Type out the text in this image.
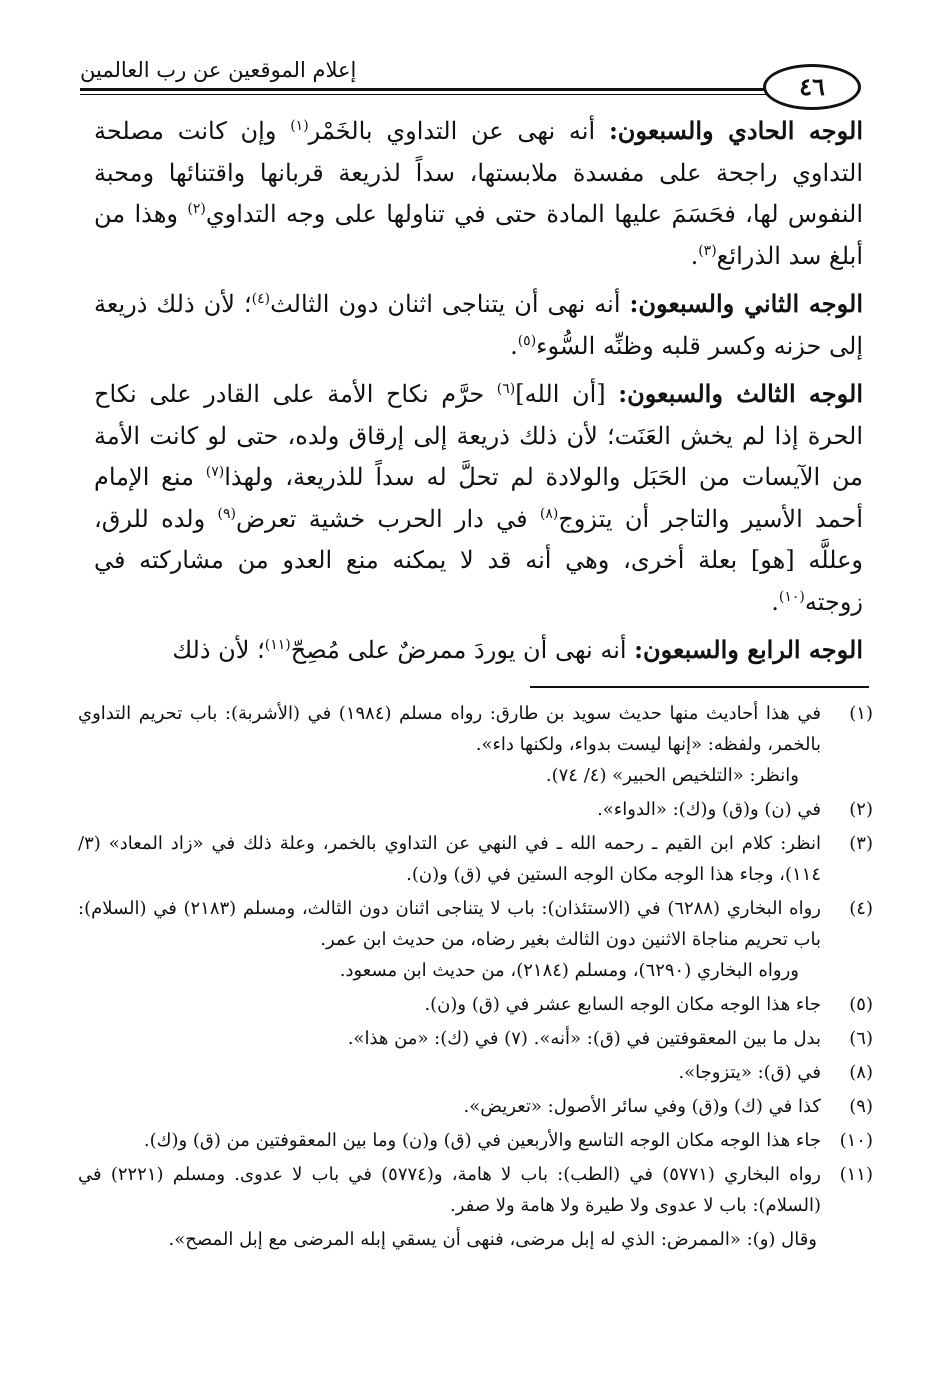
إعلام الموقعين عن رب العالمين
٤٦

الوجه الحادي والسبعون: أنه نهى عن التداوي بالخَمْر$^{(١)}$ وإن كانت مصلحة التداوي راجحة على مفسدة ملابستها، سداً لذريعة قربانها واقتنائها ومحبة النفوس لها، فحَسَمَ عليها المادة حتى في تناولها على وجه التداوي$^{(٢)}$ وهذا من أبلغ سد الذرائع$^{(٣)}$.

الوجه الثاني والسبعون: أنه نهى أن يتناجى اثنان دون الثالث$^{(٤)}$؛ لأن ذلك ذريعة إلى حزنه وكسر قلبه وظنِّه السُّوء$^{(٥)}$.

الوجه الثالث والسبعون: [أن الله]$^{(٦)}$ حرَّم نكاح الأمة على القادر على نكاح الحرة إذا لم يخش العَنَت؛ لأن ذلك ذريعة إلى إرقاق ولده، حتى لو كانت الأمة من الآيسات من الحَبَل والولادة لم تحلَّ له سداً للذريعة، ولهذا$^{(٧)}$ منع الإمام أحمد الأسير والتاجر أن يتزوج$^{(٨)}$ في دار الحرب خشية تعرض$^{(٩)}$ ولده للرق، وعللَّه [هو] بعلة أخرى، وهي أنه قد لا يمكنه منع العدو من مشاركته في زوجته$^{(١٠)}$.

الوجه الرابع والسبعون: أنه نهى أن يوردَ ممرضٌ على مُصِحّ$^{(١١)}$؛ لأن ذلك

(١)
في هذا أحاديث منها حديث سويد بن طارق: رواه مسلم (١٩٨٤) في (الأشربة): باب تحريم التداوي بالخمر، ولفظه: «إنها ليست بدواء، ولكنها داء».
وانظر: «التلخيص الحبير» (٤/ ٧٤).
(٢)
في (ن) و(ق) و(ك): «الدواء».
(٣)
انظر: كلام ابن القيم ـ رحمه الله ـ في النهي عن التداوي بالخمر، وعلة ذلك في «زاد المعاد» (٣/ ١١٤)، وجاء هذا الوجه مكان الوجه الستين في (ق) و(ن).
(٤)
رواه البخاري (٦٢٨٨) في (الاستئذان): باب لا يتناجى اثنان دون الثالث، ومسلم (٢١٨٣) في (السلام): باب تحريم مناجاة الاثنين دون الثالث بغير رضاه، من حديث ابن عمر.
ورواه البخاري (٦٢٩٠)، ومسلم (٢١٨٤)، من حديث ابن مسعود.
(٥)
جاء هذا الوجه مكان الوجه السابع عشر في (ق) و(ن).
(٦)
بدل ما بين المعقوفتين في (ق): «أنه». (٧) في (ك): «من هذا».
(٨)
في (ق): «يتزوجا».
(٩)
كذا في (ك) و(ق) وفي سائر الأصول: «تعريض».
(١٠)
جاء هذا الوجه مكان الوجه التاسع والأربعين في (ق) و(ن) وما بين المعقوفتين من (ق) و(ك).
(١١)
رواه البخاري (٥٧٧١) في (الطب): باب لا هامة، و(٥٧٧٤) في باب لا عدوى. ومسلم (٢٢٢١) في (السلام): باب لا عدوى ولا طيرة ولا هامة ولا صفر.
وقال (و): «الممرض: الذي له إبل مرضى، فنهى أن يسقي إبله المرضى مع إبل المصح».
